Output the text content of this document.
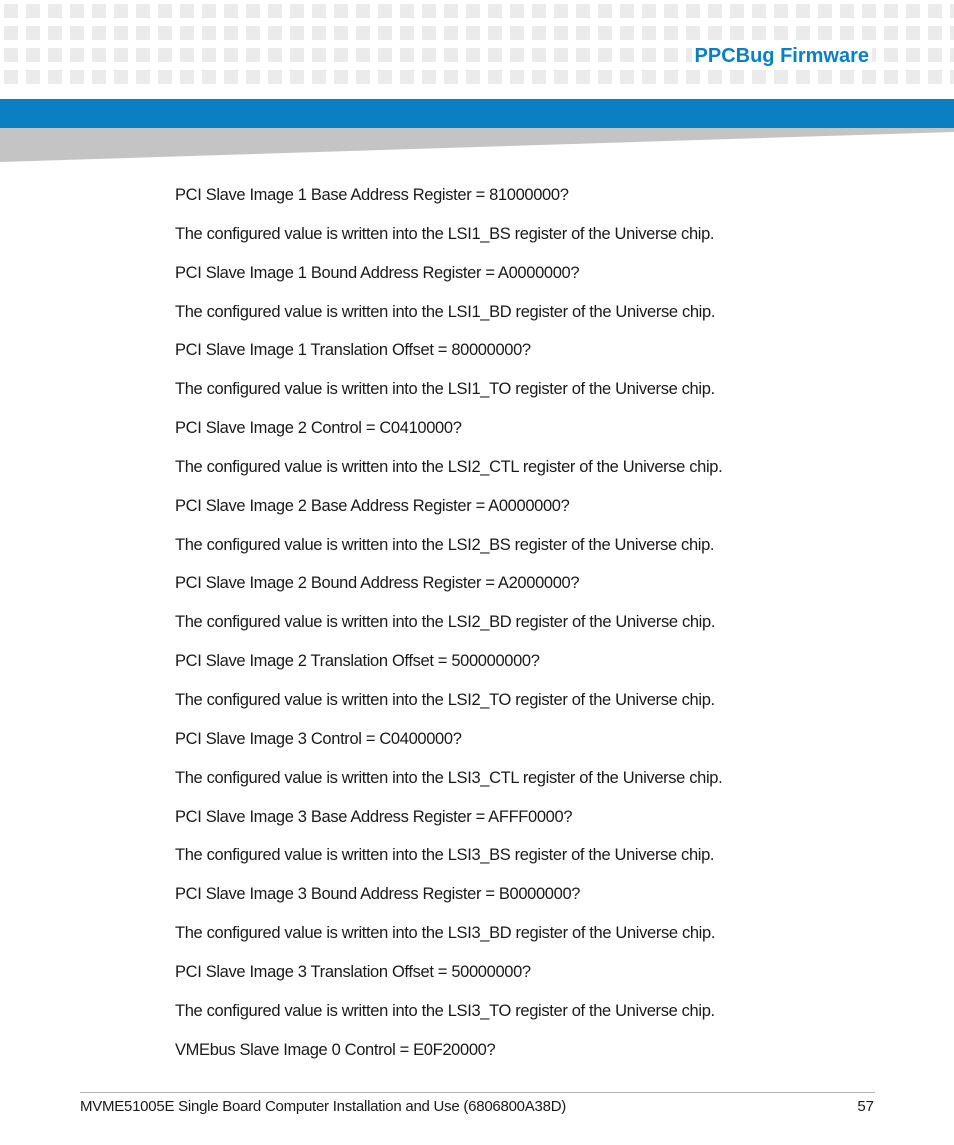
PPCBug Firmware

PCI Slave Image 1 Base Address Register = 81000000?

The configured value is written into the LSI1_BS register of the Universe chip.

PCI Slave Image 1 Bound Address Register = A0000000?

The configured value is written into the LSI1_BD register of the Universe chip.

PCI Slave Image 1 Translation Offset = 80000000?

The configured value is written into the LSI1_TO register of the Universe chip.

PCI Slave Image 2 Control = C0410000?

The configured value is written into the LSI2_CTL register of the Universe chip.

PCI Slave Image 2 Base Address Register = A0000000?

The configured value is written into the LSI2_BS register of the Universe chip.

PCI Slave Image 2 Bound Address Register = A2000000?

The configured value is written into the LSI2_BD register of the Universe chip.

PCI Slave Image 2 Translation Offset = 500000000?

The configured value is written into the LSI2_TO register of the Universe chip.

PCI Slave Image 3 Control = C0400000?

The configured value is written into the LSI3_CTL register of the Universe chip.

PCI Slave Image 3 Base Address Register = AFFF0000?

The configured value is written into the LSI3_BS register of the Universe chip.

PCI Slave Image 3 Bound Address Register = B0000000?

The configured value is written into the LSI3_BD register of the Universe chip.

PCI Slave Image 3 Translation Offset = 50000000?

The configured value is written into the LSI3_TO register of the Universe chip.

VMEbus Slave Image 0 Control = E0F20000?

MVME51005E Single Board Computer Installation and Use (6806800A38D)	57
